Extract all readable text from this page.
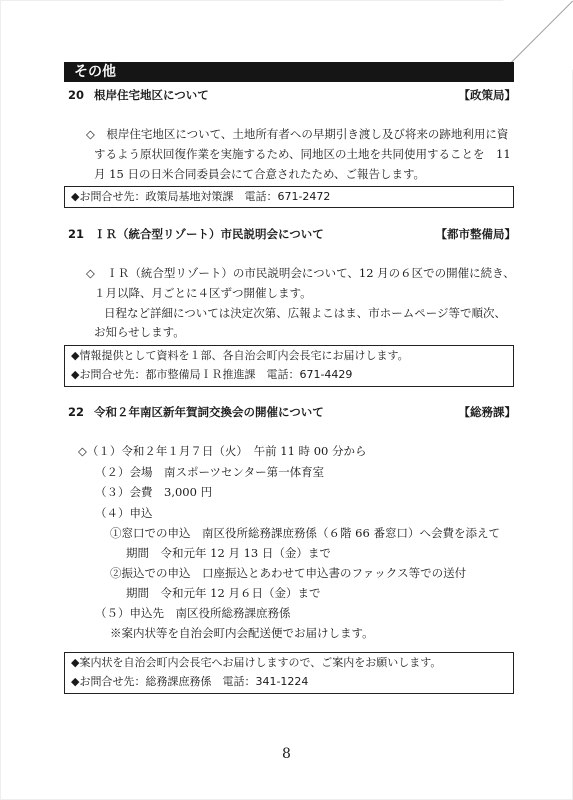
その他
20 根岸住宅地区について	【政策局】
◇　根岸住宅地区について、土地所有者への早期引き渡し及び将来の跡地利用に資
するよう原状回復作業を実施するため、同地区の土地を共同使用することを　11
月 15 日の日米合同委員会にて合意されたため、ご報告します。
◆お問合せ先：政策局基地対策課　電話：671-2472
21 ＩＲ（統合型リゾート）市民説明会について	【都市整備局】
◇　ＩＲ（統合型リゾート）の市民説明会について、12 月の６区での開催に続き、
１月以降、月ごとに４区ずつ開催します。
日程など詳細については決定次第、広報よこはま、市ホームページ等で順次、
お知らせします。
◆情報提供として資料を１部、各自治会町内会長宅にお届けします。
◆お問合せ先：都市整備局ＩＲ推進課　電話：671-4429
22 令和２年南区新年賀詞交換会の開催について	【総務課】
◇（１）令和２年１月７日（火）　午前 11 時 00 分から
（２）会場　南スポーツセンター第一体育室
（３）会費　3,000 円
（４）申込
①窓口での申込　南区役所総務課庶務係（６階 66 番窓口）へ会費を添えて
期間　令和元年 12 月 13 日（金）まで
②振込での申込　口座振込とあわせて申込書のファックス等での送付
期間　令和元年 12 月６日（金）まで
（５）申込先　南区役所総務課庶務係
※案内状等を自治会町内会配送便でお届けします。
◆案内状を自治会町内会長宅へお届けしますので、ご案内をお願いします。
◆お問合せ先：総務課庶務係　電話：341-1224
8
